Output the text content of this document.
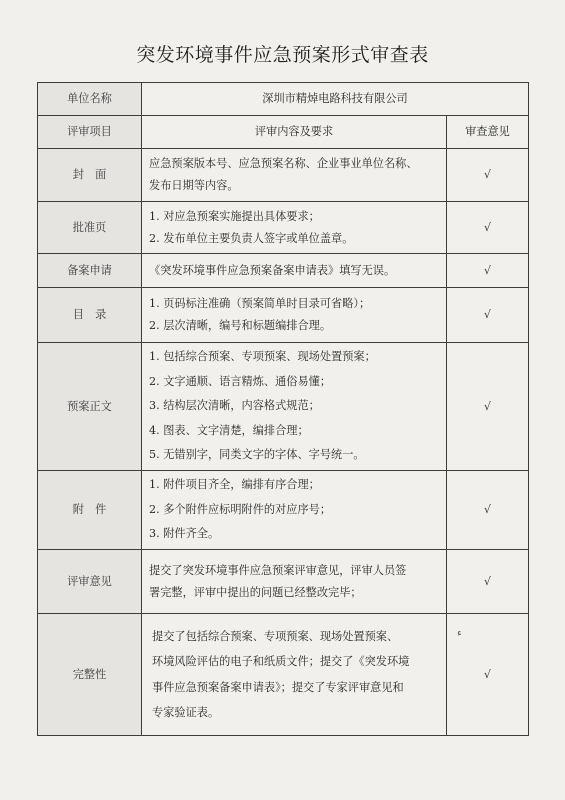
突发环境事件应急预案形式审查表
单位名称	深圳市精焯电路科技有限公司	
评审项目	评审内容及要求	审查意见
封　面	应急预案版本号、应急预案名称、企业事业单位名称、
发布日期等内容。	√
批准页	1. 对应急预案实施提出具体要求；
2. 发布单位主要负责人签字或单位盖章。	√
备案申请	《突发环境事件应急预案备案申请表》填写无误。	√
目　录	1. 页码标注准确（预案简单时目录可省略）；
2. 层次清晰，编号和标题编排合理。	√
预案正文	1. 包括综合预案、专项预案、现场处置预案；
2. 文字通顺、语言精炼、通俗易懂；
3. 结构层次清晰，内容格式规范；
4. 图表、文字清楚，编排合理；
5. 无错别字，同类文字的字体、字号统一。	√
附　件	1. 附件项目齐全，编排有序合理；
2. 多个附件应标明附件的对应序号；
3. 附件齐全。	√
评审意见	提交了突发环境事件应急预案评审意见，评审人员签
署完整，评审中提出的问题已经整改完毕；	√
完整性	提交了包括综合预案、专项预案、现场处置预案、
环境风险评估的电子和纸质文件；提交了《突发环境
事件应急预案备案申请表》；提交了专家评审意见和
专家验证表。	√
ء
